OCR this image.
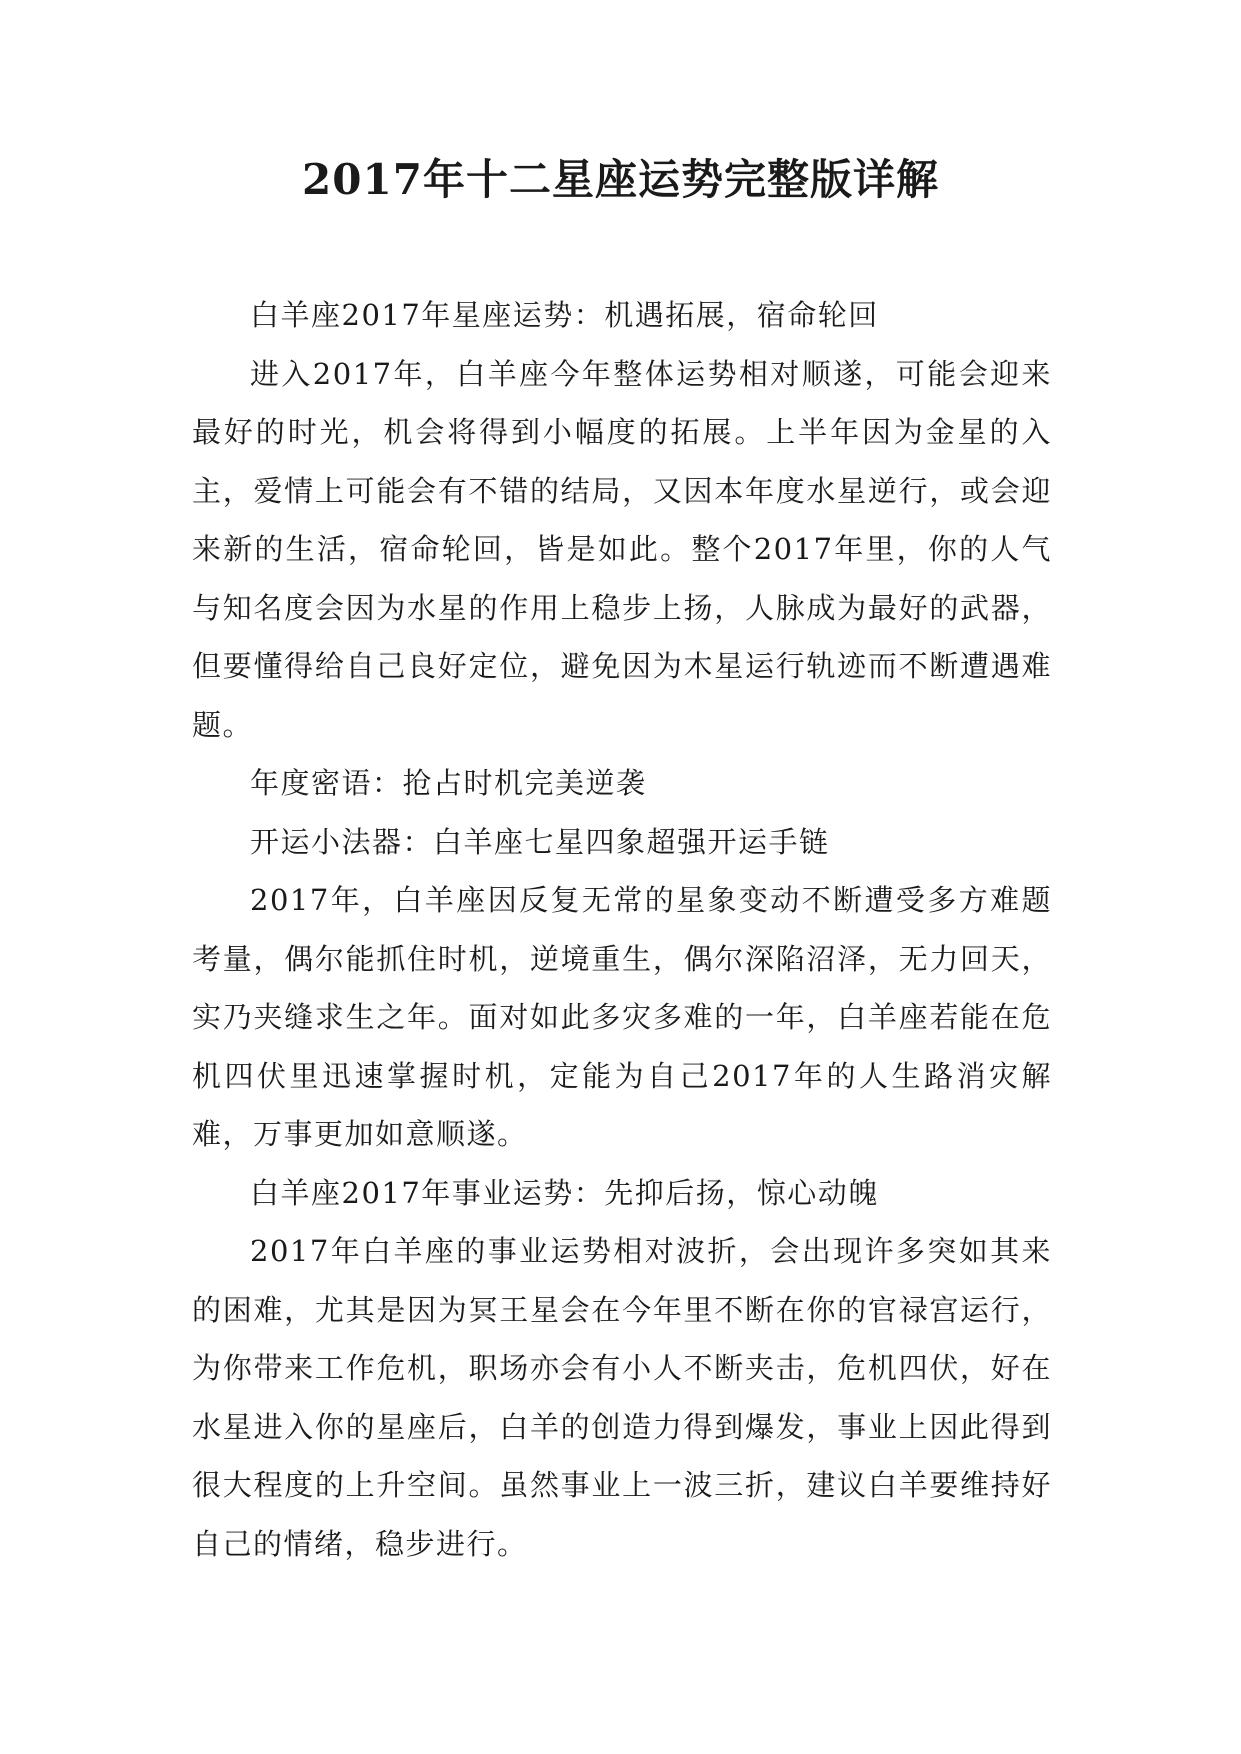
2017年十二星座运势完整版详解

白羊座2017年星座运势：机遇拓展，宿命轮回

进入2017年，白羊座今年整体运势相对顺遂，可能会迎来最好的时光，机会将得到小幅度的拓展。上半年因为金星的入主，爱情上可能会有不错的结局，又因本年度水星逆行，或会迎来新的生活，宿命轮回，皆是如此。整个2017年里，你的人气与知名度会因为水星的作用上稳步上扬，人脉成为最好的武器，但要懂得给自己良好定位，避免因为木星运行轨迹而不断遭遇难题。

年度密语：抢占时机完美逆袭

开运小法器：白羊座七星四象超强开运手链

2017年，白羊座因反复无常的星象变动不断遭受多方难题考量，偶尔能抓住时机，逆境重生，偶尔深陷沼泽，无力回天，实乃夹缝求生之年。面对如此多灾多难的一年，白羊座若能在危机四伏里迅速掌握时机，定能为自己2017年的人生路消灾解难，万事更加如意顺遂。

白羊座2017年事业运势：先抑后扬，惊心动魄

2017年白羊座的事业运势相对波折，会出现许多突如其来的困难，尤其是因为冥王星会在今年里不断在你的官禄宫运行，为你带来工作危机，职场亦会有小人不断夹击，危机四伏，好在水星进入你的星座后，白羊的创造力得到爆发，事业上因此得到很大程度的上升空间。虽然事业上一波三折，建议白羊要维持好自己的情绪，稳步进行。
